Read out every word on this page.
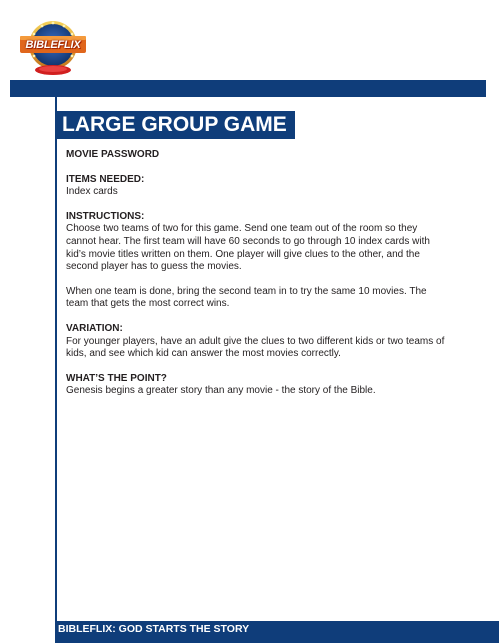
BIBLEFLIX
LARGE GROUP GAME

MOVIE PASSWORD

ITEMS NEEDED:

Index cards

INSTRUCTIONS:

Choose two teams of two for this game. Send one team out of the room so they cannot hear. The first team will have 60 seconds to go through 10 index cards with kid’s movie titles written on them. One player will give clues to the other, and the second player has to guess the movies.

When one team is done, bring the second team in to try the same 10 movies. The team that gets the most correct wins.

VARIATION:

For younger players, have an adult give the clues to two different kids or two teams of kids, and see which kid can answer the most movies correctly.

WHAT’S THE POINT?

Genesis begins a greater story than any movie - the story of the Bible.

BIBLEFLIX: GOD STARTS THE STORY
